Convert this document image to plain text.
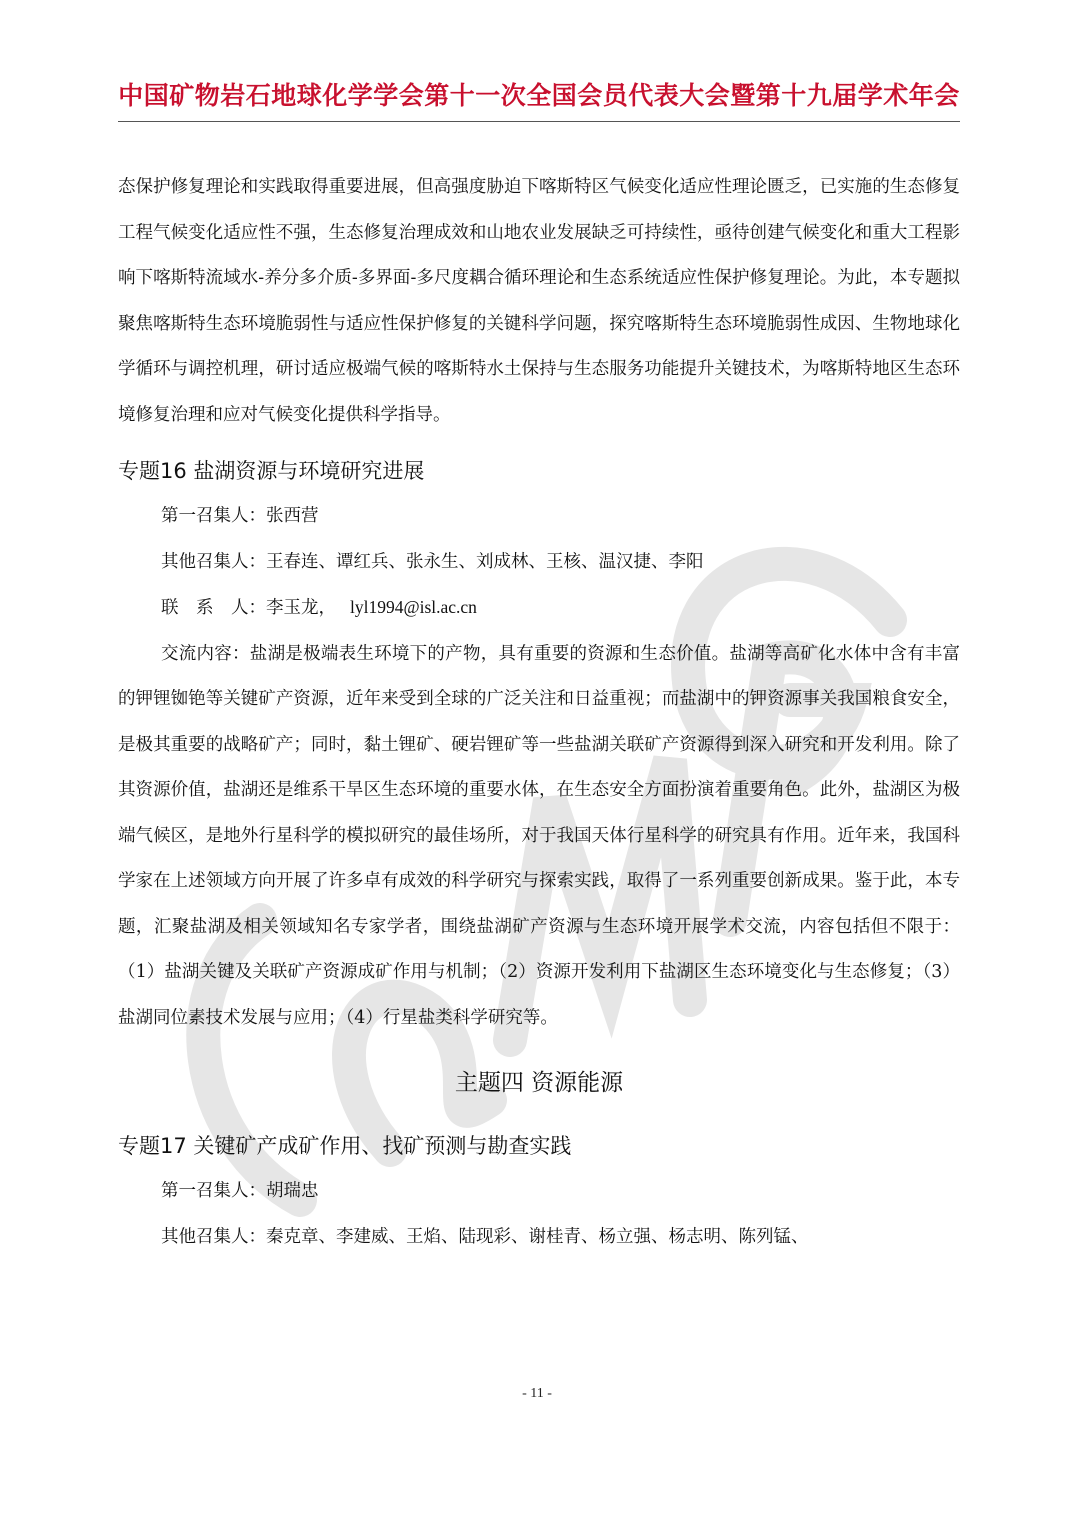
中国矿物岩石地球化学学会第十一次全国会员代表大会暨第十九届学术年会

态保护修复理论和实践取得重要进展，但高强度胁迫下喀斯特区气候变化适应性理论匮乏，已实施的生态修复工程气候变化适应性不强，生态修复治理成效和山地农业发展缺乏可持续性，亟待创建气候变化和重大工程影响下喀斯特流域水-养分多介质-多界面-多尺度耦合循环理论和生态系统适应性保护修复理论。为此，本专题拟聚焦喀斯特生态环境脆弱性与适应性保护修复的关键科学问题，探究喀斯特生态环境脆弱性成因、生物地球化学循环与调控机理，研讨适应极端气候的喀斯特水土保持与生态服务功能提升关键技术，为喀斯特地区生态环境修复治理和应对气候变化提供科学指导。

专题16 盐湖资源与环境研究进展

第一召集人：张西营

其他召集人：王春连、谭红兵、张永生、刘成林、王核、温汉捷、李阳

联　系　人：李玉龙， lyl1994@isl.ac.cn

交流内容：盐湖是极端表生环境下的产物，具有重要的资源和生态价值。盐湖等高矿化水体中含有丰富的钾锂铷铯等关键矿产资源，近年来受到全球的广泛关注和日益重视；而盐湖中的钾资源事关我国粮食安全，是极其重要的战略矿产；同时，黏土锂矿、硬岩锂矿等一些盐湖关联矿产资源得到深入研究和开发利用。除了其资源价值，盐湖还是维系干旱区生态环境的重要水体，在生态安全方面扮演着重要角色。此外，盐湖区为极端气候区，是地外行星科学的模拟研究的最佳场所，对于我国天体行星科学的研究具有作用。近年来，我国科学家在上述领域方向开展了许多卓有成效的科学研究与探索实践，取得了一系列重要创新成果。鉴于此，本专题，汇聚盐湖及相关领域知名专家学者，围绕盐湖矿产资源与生态环境开展学术交流，内容包括但不限于：（1）盐湖关键及关联矿产资源成矿作用与机制；（2）资源开发利用下盐湖区生态环境变化与生态修复；（3）盐湖同位素技术发展与应用；（4）行星盐类科学研究等。

主题四 资源能源
专题17 关键矿产成矿作用、找矿预测与勘查实践

第一召集人：胡瑞忠

其他召集人：秦克章、李建威、王焰、陆现彩、谢桂青、杨立强、杨志明、陈列锰、

- 11 -
